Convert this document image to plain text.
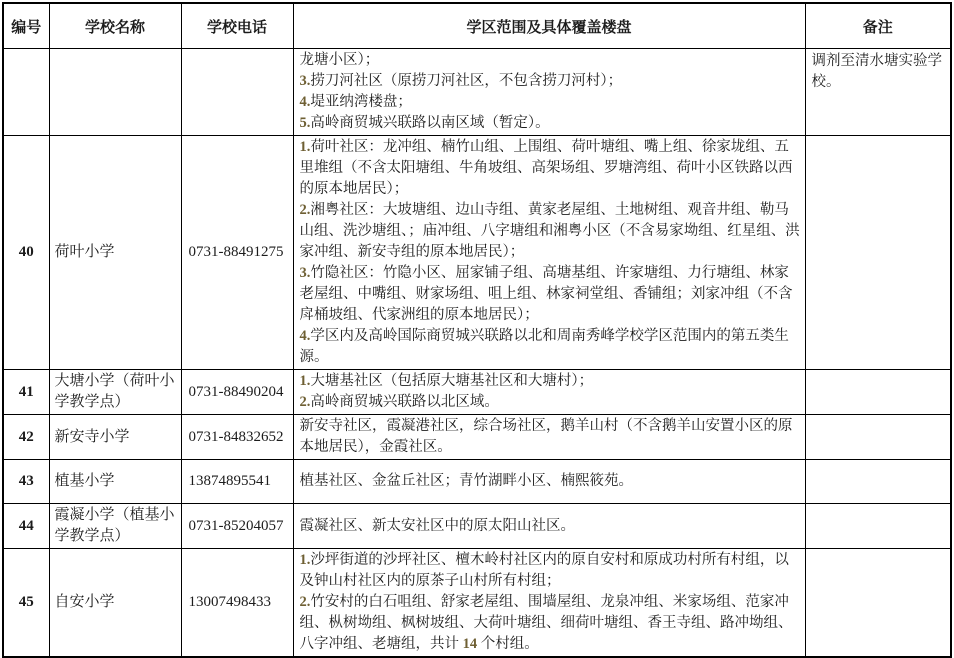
编号	学校名称	学校电话	学区范围及具体覆盖楼盘	备注

			龙塘小区）；
3.捞刀河社区（原捞刀河社区，不包含捞刀河村）；
4.堤亚纳湾楼盘；
5.高岭商贸城兴联路以南区域（暂定）。	调剂至清水塘实验学校。
40	荷叶小学	0731-88491275	1.荷叶社区：龙冲组、楠竹山组、上围组、荷叶塘组、嘴上组、徐家垅组、五里堆组（不含太阳塘组、牛角坡组、高架场组、罗塘湾组、荷叶小区铁路以西的原本地居民）；
2.湘粤社区：大坡塘组、边山寺组、黄家老屋组、土地树组、观音井组、勒马山组、洗沙塘组、；庙冲组、八字塘组和湘粤小区（不含易家坳组、红星组、洪家冲组、新安寺组的原本地居民）；
3.竹隐社区：竹隐小区、屈家铺子组、高塘基组、许家塘组、力行塘组、林家老屋组、中嘴组、财家场组、咀上组、林家祠堂组、香铺组；刘家冲组（不含戽桶坡组、代家洲组的原本地居民）；
4.学区内及高岭国际商贸城兴联路以北和周南秀峰学校学区范围内的第五类生源。	

41	大塘小学（荷叶小学教学点）	0731-88490204	1.大塘基社区（包括原大塘基社区和大塘村）；
2.高岭商贸城兴联路以北区域。	

42	新安寺小学	0731-84832652	新安寺社区，霞凝港社区，综合场社区，鹅羊山村（不含鹅羊山安置小区的原本地居民），金霞社区。	

43	植基小学	13874895541	植基社区、金盆丘社区；青竹湖畔小区、楠熙筱苑。	

44	霞凝小学（植基小学教学点）	0731-85204057	霞凝社区、新太安社区中的原太阳山社区。	

45	自安小学	13007498433	1.沙坪街道的沙坪社区、檀木岭村社区内的原自安村和原成功村所有村组，以及钟山村社区内的原茶子山村所有村组；
2.竹安村的白石咀组、舒家老屋组、围墙屋组、龙泉冲组、米家场组、范家冲组、枞树坳组、枫树坡组、大荷叶塘组、细荷叶塘组、香王寺组、路冲坳组、八字冲组、老塘组，共计 14 个村组。	
